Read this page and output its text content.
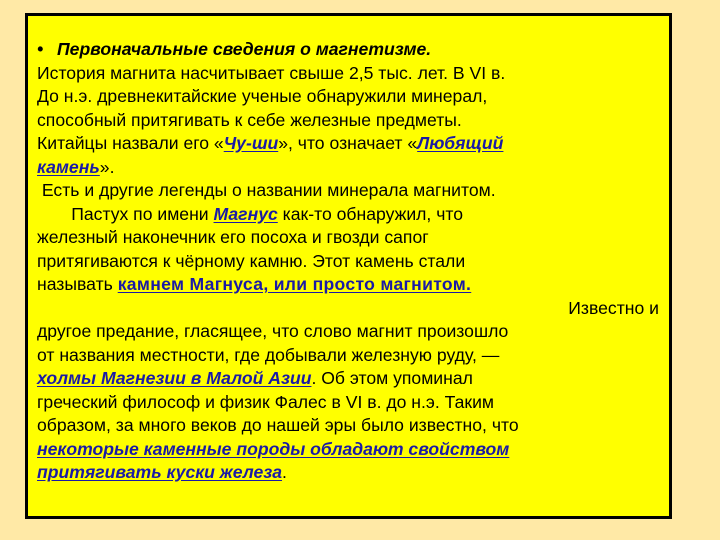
• Первоначальные сведения о магнетизме.
История магнита насчитывает свыше 2,5 тыс. лет. В VI в.
До н.э. древнекитайские ученые обнаружили минерал,
способный притягивать к себе железные предметы.
Китайцы назвали его «Чу-ши», что означает «Любящий
камень».
Есть и другие легенды о названии минерала магнитом.
Пастух по имени Магнус как-то обнаружил, что
железный наконечник его посоха и гвозди сапог
притягиваются к чёрному камню. Этот камень стали
называть камнем Магнуса, или просто магнитом.
Известно и
другое предание, гласящее, что слово магнит произошло
от названия местности, где добывали железную руду, —
холмы Магнезии в Малой Азии. Об этом упоминал
греческий философ и физик Фалес в VI в. до н.э. Таким
образом, за много веков до нашей эры было известно, что
некоторые каменные породы обладают свойством
притягивать куски железа.
